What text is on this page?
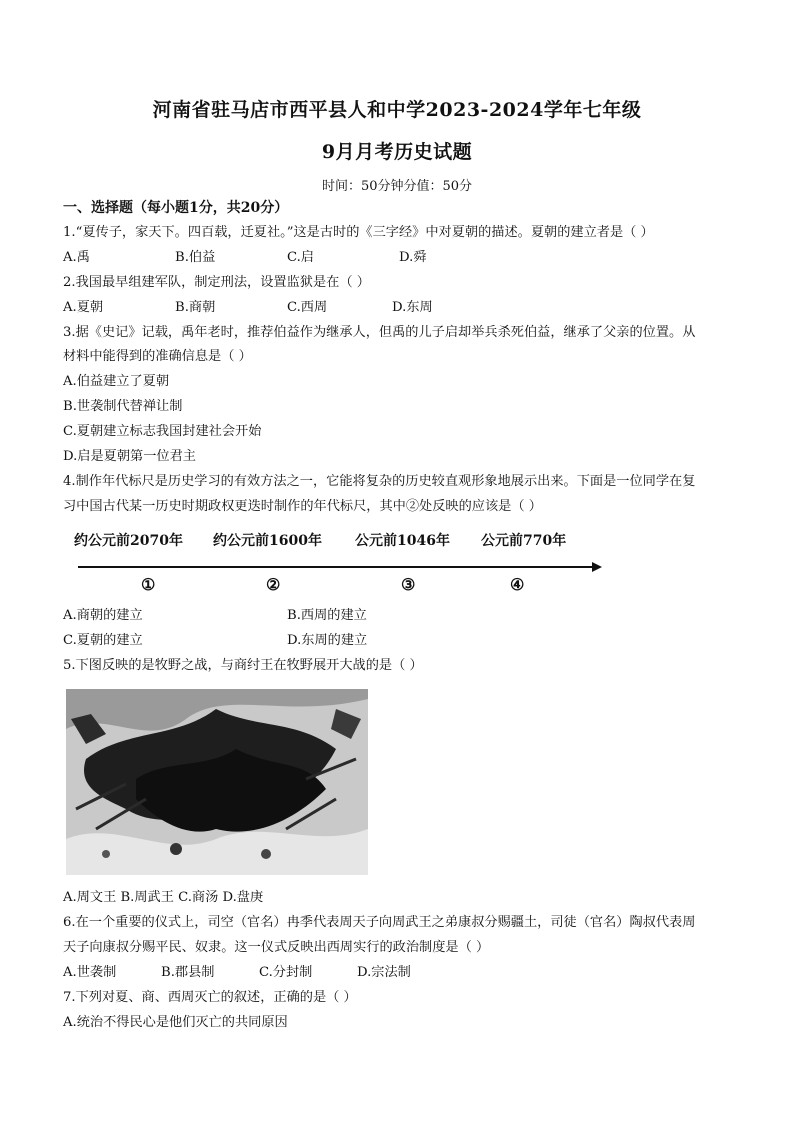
河南省驻马店市西平县人和中学2023-2024学年七年级
9月月考历史试题
时间：50分钟分值：50分
一、选择题（每小题1分，共20分）
1.“夏传子，家天下。四百载，迁夏社。”这是古时的《三字经》中对夏朝的描述。夏朝的建立者是（ ）
A.禹	B.伯益	C.启	D.舜
2.我国最早组建军队，制定刑法，设置监狱是在（ ）
A.夏朝	B.商朝	C.西周	D.东周
3.据《史记》记载，禹年老时，推荐伯益作为继承人，但禹的儿子启却举兵杀死伯益，继承了父亲的位置。从
材料中能得到的准确信息是（ ）
A.伯益建立了夏朝
B.世袭制代替禅让制
C.夏朝建立标志我国封建社会开始
D.启是夏朝第一位君主
4.制作年代标尺是历史学习的有效方法之一，它能将复杂的历史较直观形象地展示出来。下面是一位同学在复
习中国古代某一历史时期政权更迭时制作的年代标尺，其中②处反映的应该是（ ）
约公元前2070年 约公元前1600年 公元前1046年 公元前770年
①	②	③	④
A.商朝的建立	B.西周的建立
C.夏朝的建立	D.东周的建立
5.下图反映的是牧野之战，与商纣王在牧野展开大战的是（ ）
A.周文王 B.周武王 C.商汤 D.盘庚
6.在一个重要的仪式上，司空（官名）冉季代表周天子向周武王之弟康叔分赐疆土，司徒（官名）陶叔代表周
天子向康叔分赐平民、奴隶。这一仪式反映出西周实行的政治制度是（ ）
A.世袭制	B.郡县制	C.分封制	D.宗法制
7.下列对夏、商、西周灭亡的叙述，正确的是（ ）
A.统治不得民心是他们灭亡的共同原因
